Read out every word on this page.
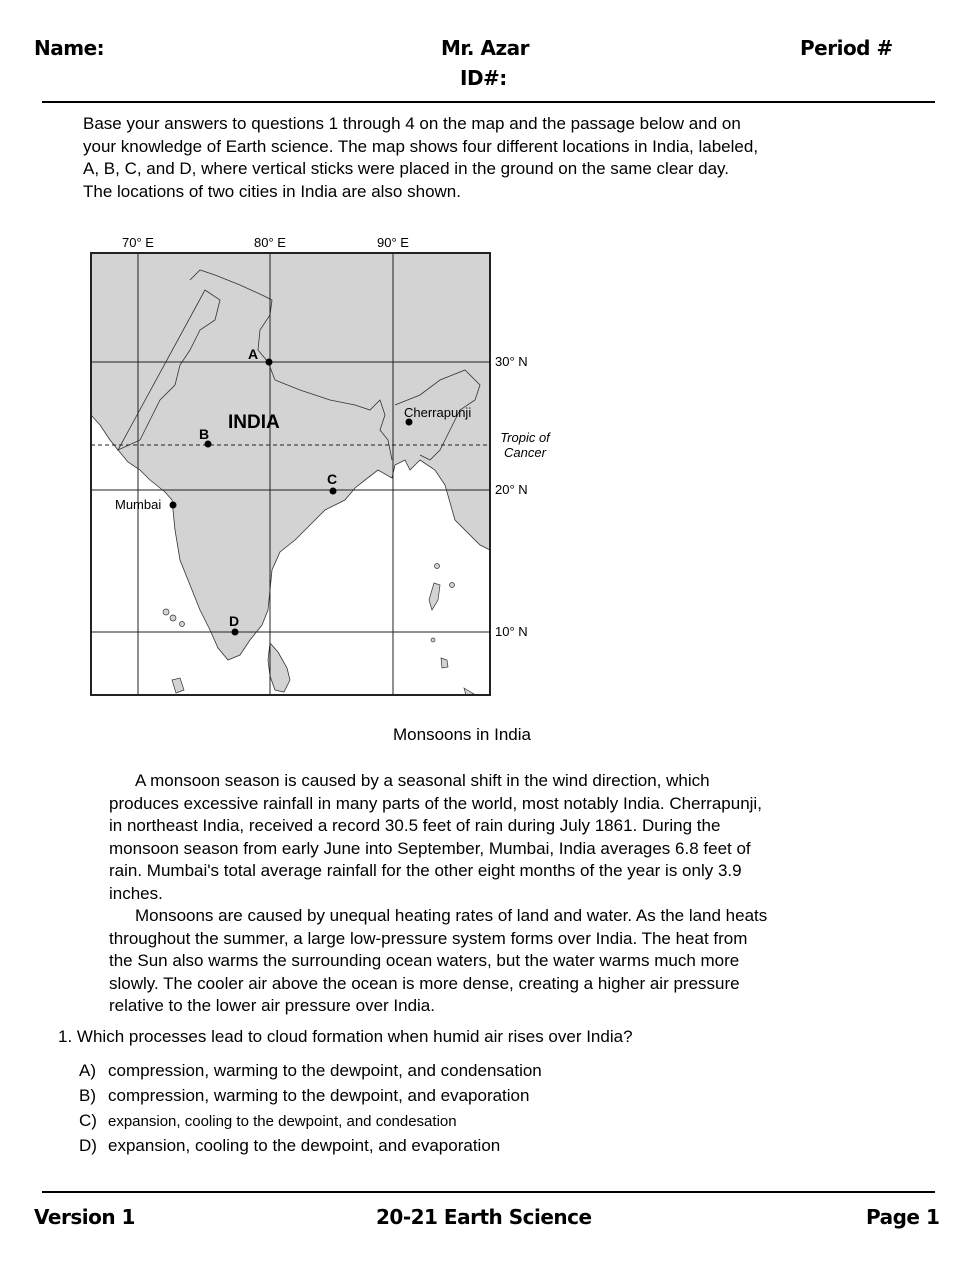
Name:	Mr. Azar
ID#:
Period #
Base your answers to questions 1 through 4 on the map and the passage below and on
your knowledge of Earth science. The map shows four different locations in India, labeled,
A, B, C, and D, where vertical sticks were placed in the ground on the same clear day.
The locations of two cities in India are also shown.
70° E	80° E	90° E
30° N
20° N
10° N
Tropic of
Cancer
INDIA
A
B
C
D
Cherrapunji
Mumbai
Monsoons in India
A monsoon season is caused by a seasonal shift in the wind direction, which
produces excessive rainfall in many parts of the world, most notably India. Cherrapunji,
in northeast India, received a record 30.5 feet of rain during July 1861. During the
monsoon season from early June into September, Mumbai, India averages 6.8 feet of
rain. Mumbai's total average rainfall for the other eight months of the year is only 3.9
inches.
Monsoons are caused by unequal heating rates of land and water. As the land heats
throughout the summer, a large low-pressure system forms over India. The heat from
the Sun also warms the surrounding ocean waters, but the water warms much more
slowly. The cooler air above the ocean is more dense, creating a higher air pressure
relative to the lower air pressure over India.
1. Which processes lead to cloud formation when humid air rises over India?
A) compression, warming to the dewpoint, and condensation
B) compression, warming to the dewpoint, and evaporation
C) expansion, cooling to the dewpoint, and condesation
D) expansion, cooling to the dewpoint, and evaporation
Version 1	20-21 Earth Science	Page 1
